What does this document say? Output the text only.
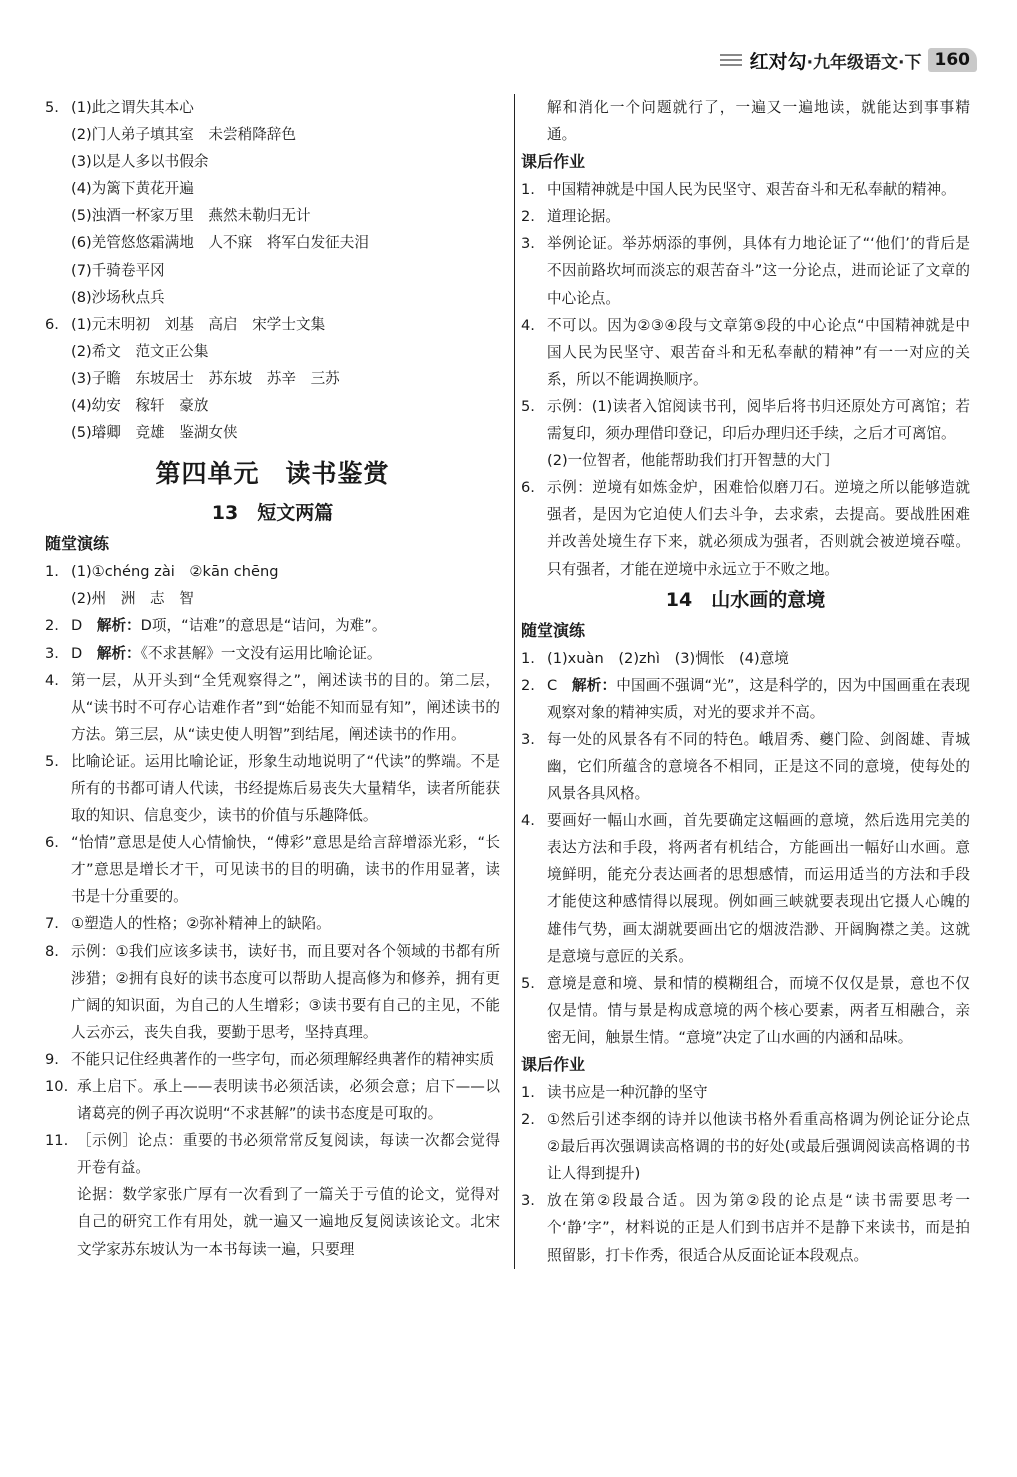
红对勾 ·九年级语文·下 160
5. (1)此之谓失其本心
(2)门人弟子填其室　未尝稍降辞色
(3)以是人多以书假余
(4)为篱下黄花开遍
(5)浊酒一杯家万里　燕然未勒归无计
(6)羌管悠悠霜满地　人不寐　将军白发征夫泪
(7)千骑卷平冈
(8)沙场秋点兵
6. (1)元末明初　刘基　高启　宋学士文集
(2)希文　范文正公集
(3)子瞻　东坡居士　苏东坡　苏辛　三苏
(4)幼安　稼轩　豪放
(5)璿卿　竞雄　鉴湖女侠
第四单元　读书鉴赏
13　短文两篇
随堂演练
1. (1)①chéng zài　②kān chēng
(2)州　洲　志　智
2. D　解析：D项，“诘难”的意思是“诘问，为难”。
3. D　解析：《不求甚解》一文没有运用比喻论证。
4. 第一层，从开头到“全凭观察得之”，阐述读书的目的。第二层，从“读书时不可存心诘难作者”到“始能不知而显有知”，阐述读书的方法。第三层，从“读史使人明智”到结尾，阐述读书的作用。
5. 比喻论证。运用比喻论证，形象生动地说明了“代读”的弊端。不是所有的书都可请人代读，书经提炼后易丧失大量精华，读者所能获取的知识、信息变少，读书的价值与乐趣降低。
6. “怡情”意思是使人心情愉快，“傅彩”意思是给言辞增添光彩，“长才”意思是增长才干，可见读书的目的明确，读书的作用显著，读书是十分重要的。
7. ①塑造人的性格；②弥补精神上的缺陷。
8. 示例：①我们应该多读书，读好书，而且要对各个领域的书都有所涉猎；②拥有良好的读书态度可以帮助人提高修为和修养，拥有更广阔的知识面，为自己的人生增彩；③读书要有自己的主见，不能人云亦云，丧失自我，要勤于思考，坚持真理。
9. 不能只记住经典著作的一些字句，而必须理解经典著作的精神实质
10. 承上启下。承上——表明读书必须活读，必须会意；启下——以诸葛亮的例子再次说明“不求甚解”的读书态度是可取的。
11. ［示例］论点：重要的书必须常常反复阅读，每读一次都会觉得开卷有益。
论据：数学家张广厚有一次看到了一篇关于亏值的论文，觉得对自己的研究工作有用处，就一遍又一遍地反复阅读该论文。北宋文学家苏东坡认为一本书每读一遍，只要理
解和消化一个问题就行了，一遍又一遍地读，就能达到事事精通。
课后作业
1. 中国精神就是中国人民为民坚守、艰苦奋斗和无私奉献的精神。
2. 道理论据。
3. 举例论证。举苏炳添的事例，具体有力地论证了“‘他们’的背后是不因前路坎坷而淡忘的艰苦奋斗”这一分论点，进而论证了文章的中心论点。
4. 不可以。因为②③④段与文章第⑤段的中心论点“中国精神就是中国人民为民坚守、艰苦奋斗和无私奉献的精神”有一一对应的关系，所以不能调换顺序。
5. 示例：(1)读者入馆阅读书刊，阅毕后将书归还原处方可离馆；若需复印，须办理借印登记，印后办理归还手续，之后才可离馆。
(2)一位智者，他能帮助我们打开智慧的大门
6. 示例：逆境有如炼金炉，困难恰似磨刀石。逆境之所以能够造就强者，是因为它迫使人们去斗争，去求索，去提高。要战胜困难并改善处境生存下来，就必须成为强者，否则就会被逆境吞噬。只有强者，才能在逆境中永远立于不败之地。
14　山水画的意境
随堂演练
1. (1)xuàn　(2)zhì　(3)惆怅　(4)意境
2. C　解析：中国画不强调“光”，这是科学的，因为中国画重在表现观察对象的精神实质，对光的要求并不高。
3. 每一处的风景各有不同的特色。峨眉秀、夔门险、剑阁雄、青城幽，它们所蕴含的意境各不相同，正是这不同的意境，使每处的风景各具风格。
4. 要画好一幅山水画，首先要确定这幅画的意境，然后选用完美的表达方法和手段，将两者有机结合，方能画出一幅好山水画。意境鲜明，能充分表达画者的思想感情，而运用适当的方法和手段才能使这种感情得以展现。例如画三峡就要表现出它摄人心魄的雄伟气势，画太湖就要画出它的烟波浩渺、开阔胸襟之美。这就是意境与意匠的关系。
5. 意境是意和境、景和情的模糊组合，而境不仅仅是景，意也不仅仅是情。情与景是构成意境的两个核心要素，两者互相融合，亲密无间，触景生情。“意境”决定了山水画的内涵和品味。
课后作业
1. 读书应是一种沉静的坚守
2. ①然后引述李纲的诗并以他读书格外看重高格调为例论证分论点　②最后再次强调读高格调的书的好处(或最后强调阅读高格调的书让人得到提升)
3. 放在第②段最合适。因为第②段的论点是“读书需要思考一个‘静’字”，材料说的正是人们到书店并不是静下来读书，而是拍照留影，打卡作秀，很适合从反面论证本段观点。
